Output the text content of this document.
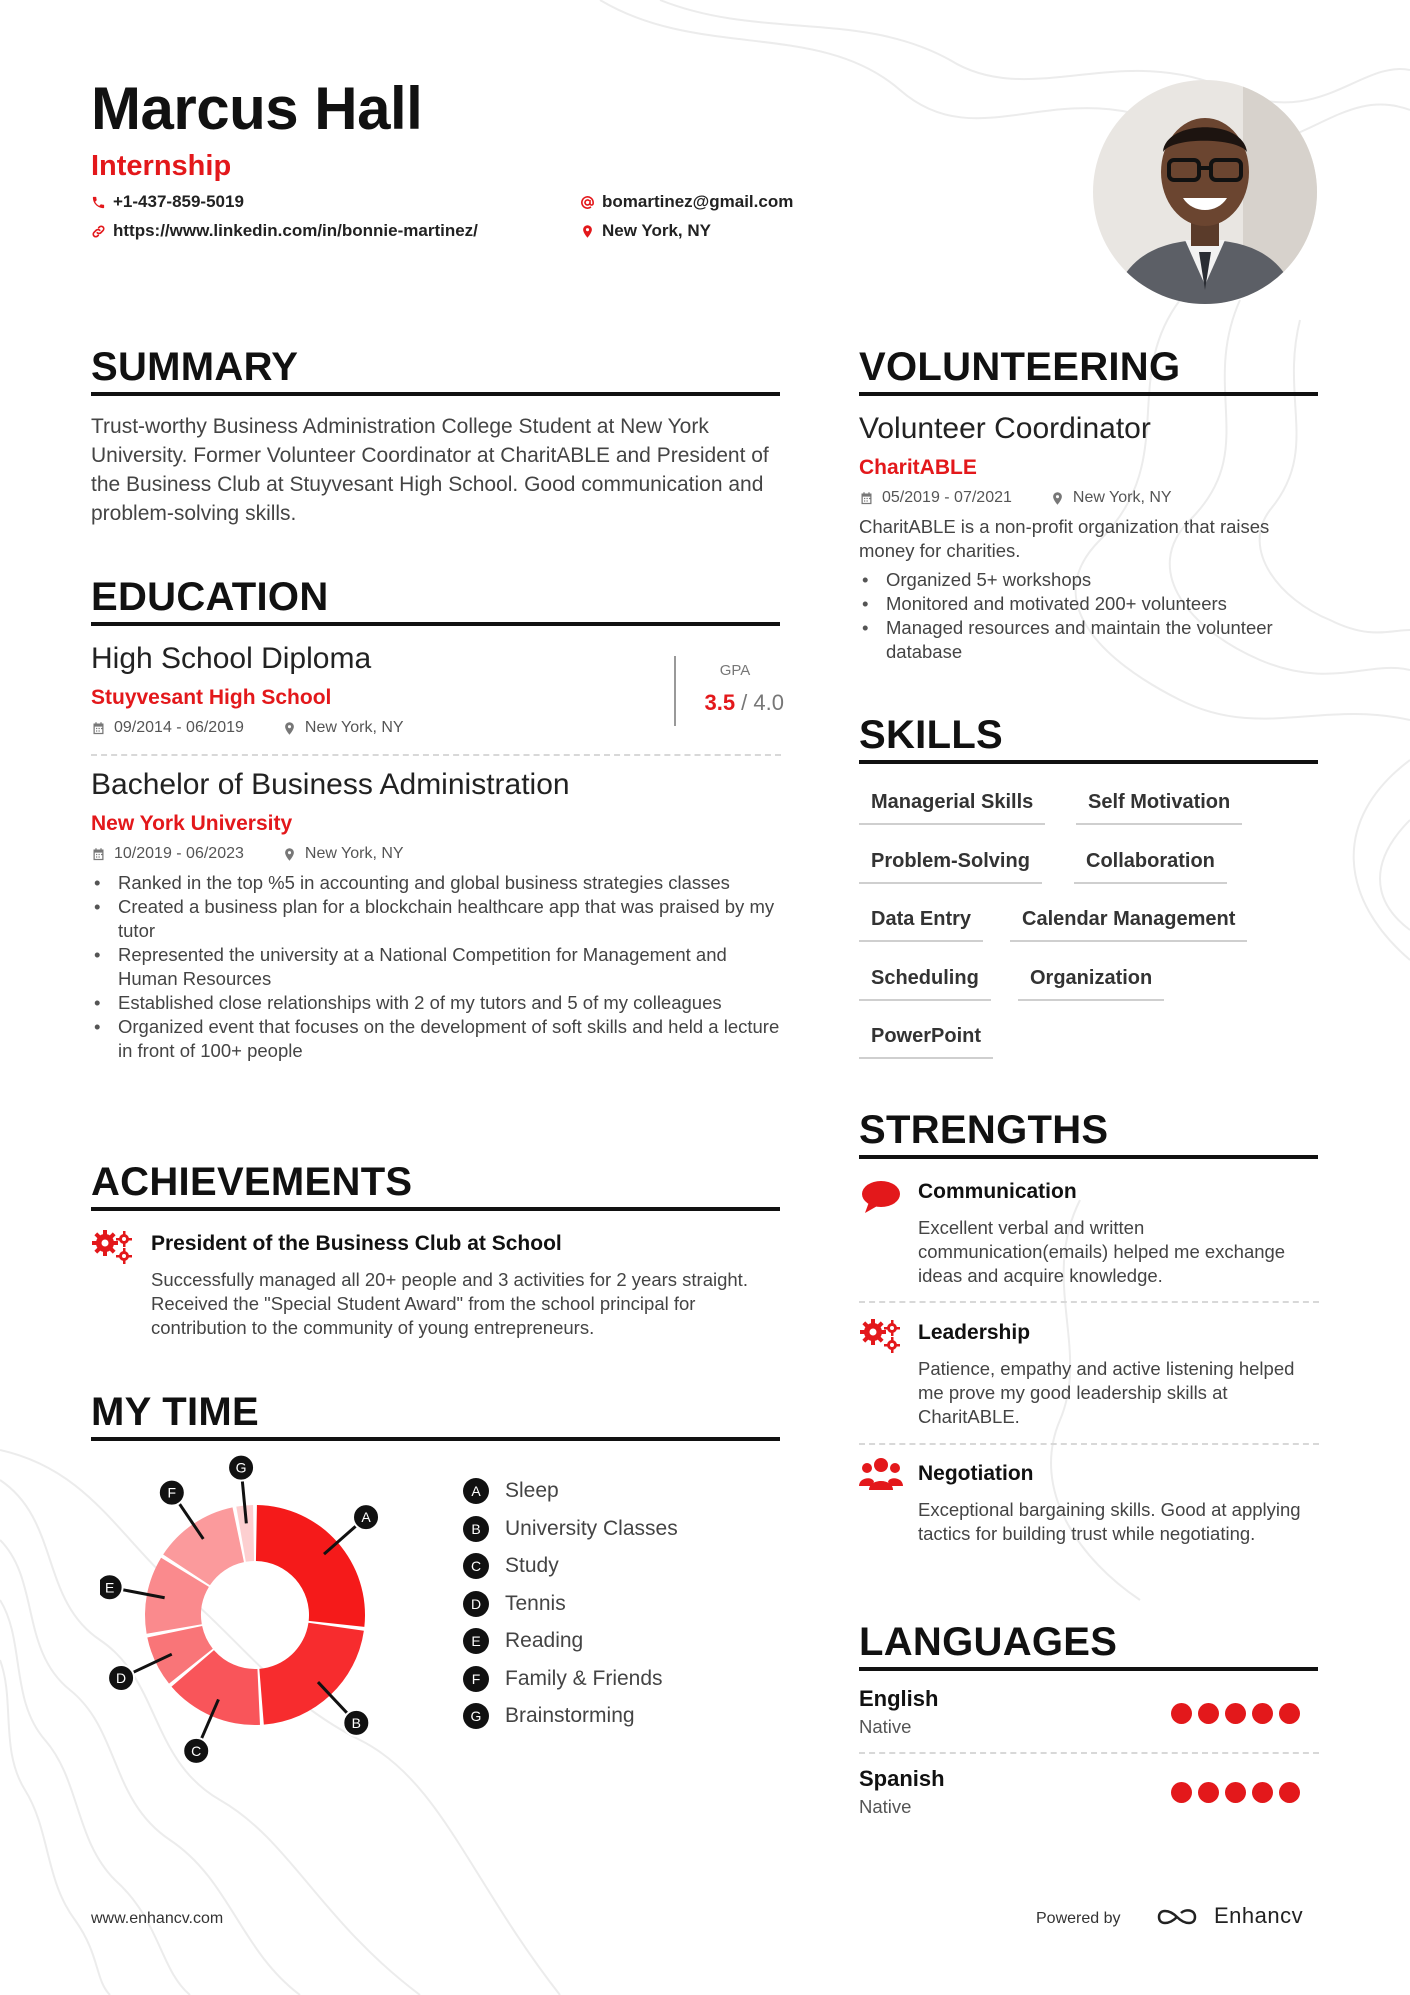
Marcus Hall
Internship
+1-437-859-5019
https://www.linkedin.com/in/bonnie-martinez/
bomartinez@gmail.com
New York, NY
SUMMARY
Trust-worthy Business Administration College Student at New York University. Former Volunteer Coordinator at CharitABLE and President of the Business Club at Stuyvesant High School. Good communication and problem-solving skills.
EDUCATION
High School Diploma
Stuyvesant High School
09/2014 - 06/2019	New York, NY
GPA
3.5 / 4.0
Bachelor of Business Administration
New York University
10/2019 - 06/2023	New York, NY
• Ranked in the top %5 in accounting and global business strategies classes
• Created a business plan for a blockchain healthcare app that was praised by my tutor
• Represented the university at a National Competition for Management and Human Resources
• Established close relationships with 2 of my tutors and 5 of my colleagues
• Organized event that focuses on the development of soft skills and held a lecture in front of 100+ people
ACHIEVEMENTS
President of the Business Club at School
Successfully managed all 20+ people and 3 activities for 2 years straight. Received the "Special Student Award" from the school principal for contribution to the community of young entrepreneurs.
MY TIME
A
B
C
D
E
F
G
A	Sleep
B	University Classes
C	Study
D	Tennis
E	Reading
F	Family & Friends
G	Brainstorming
VOLUNTEERING
Volunteer Coordinator
CharitABLE
05/2019 - 07/2021	New York, NY
CharitABLE is a non-profit organization that raises money for charities.
• Organized 5+ workshops
• Monitored and motivated 200+ volunteers
• Managed resources and maintain the volunteer database
SKILLS
Managerial Skills	Self Motivation
Problem-Solving	Collaboration
Data Entry	Calendar Management
Scheduling	Organization
PowerPoint
STRENGTHS
Communication
Excellent verbal and written communication(emails) helped me exchange ideas and acquire knowledge.
Leadership
Patience, empathy and active listening helped me prove my good leadership skills at CharitABLE.
Negotiation
Exceptional bargaining skills. Good at applying tactics for building trust while negotiating.
LANGUAGES
English
Native
Spanish
Native
www.enhancv.com	Powered by	Enhancv
